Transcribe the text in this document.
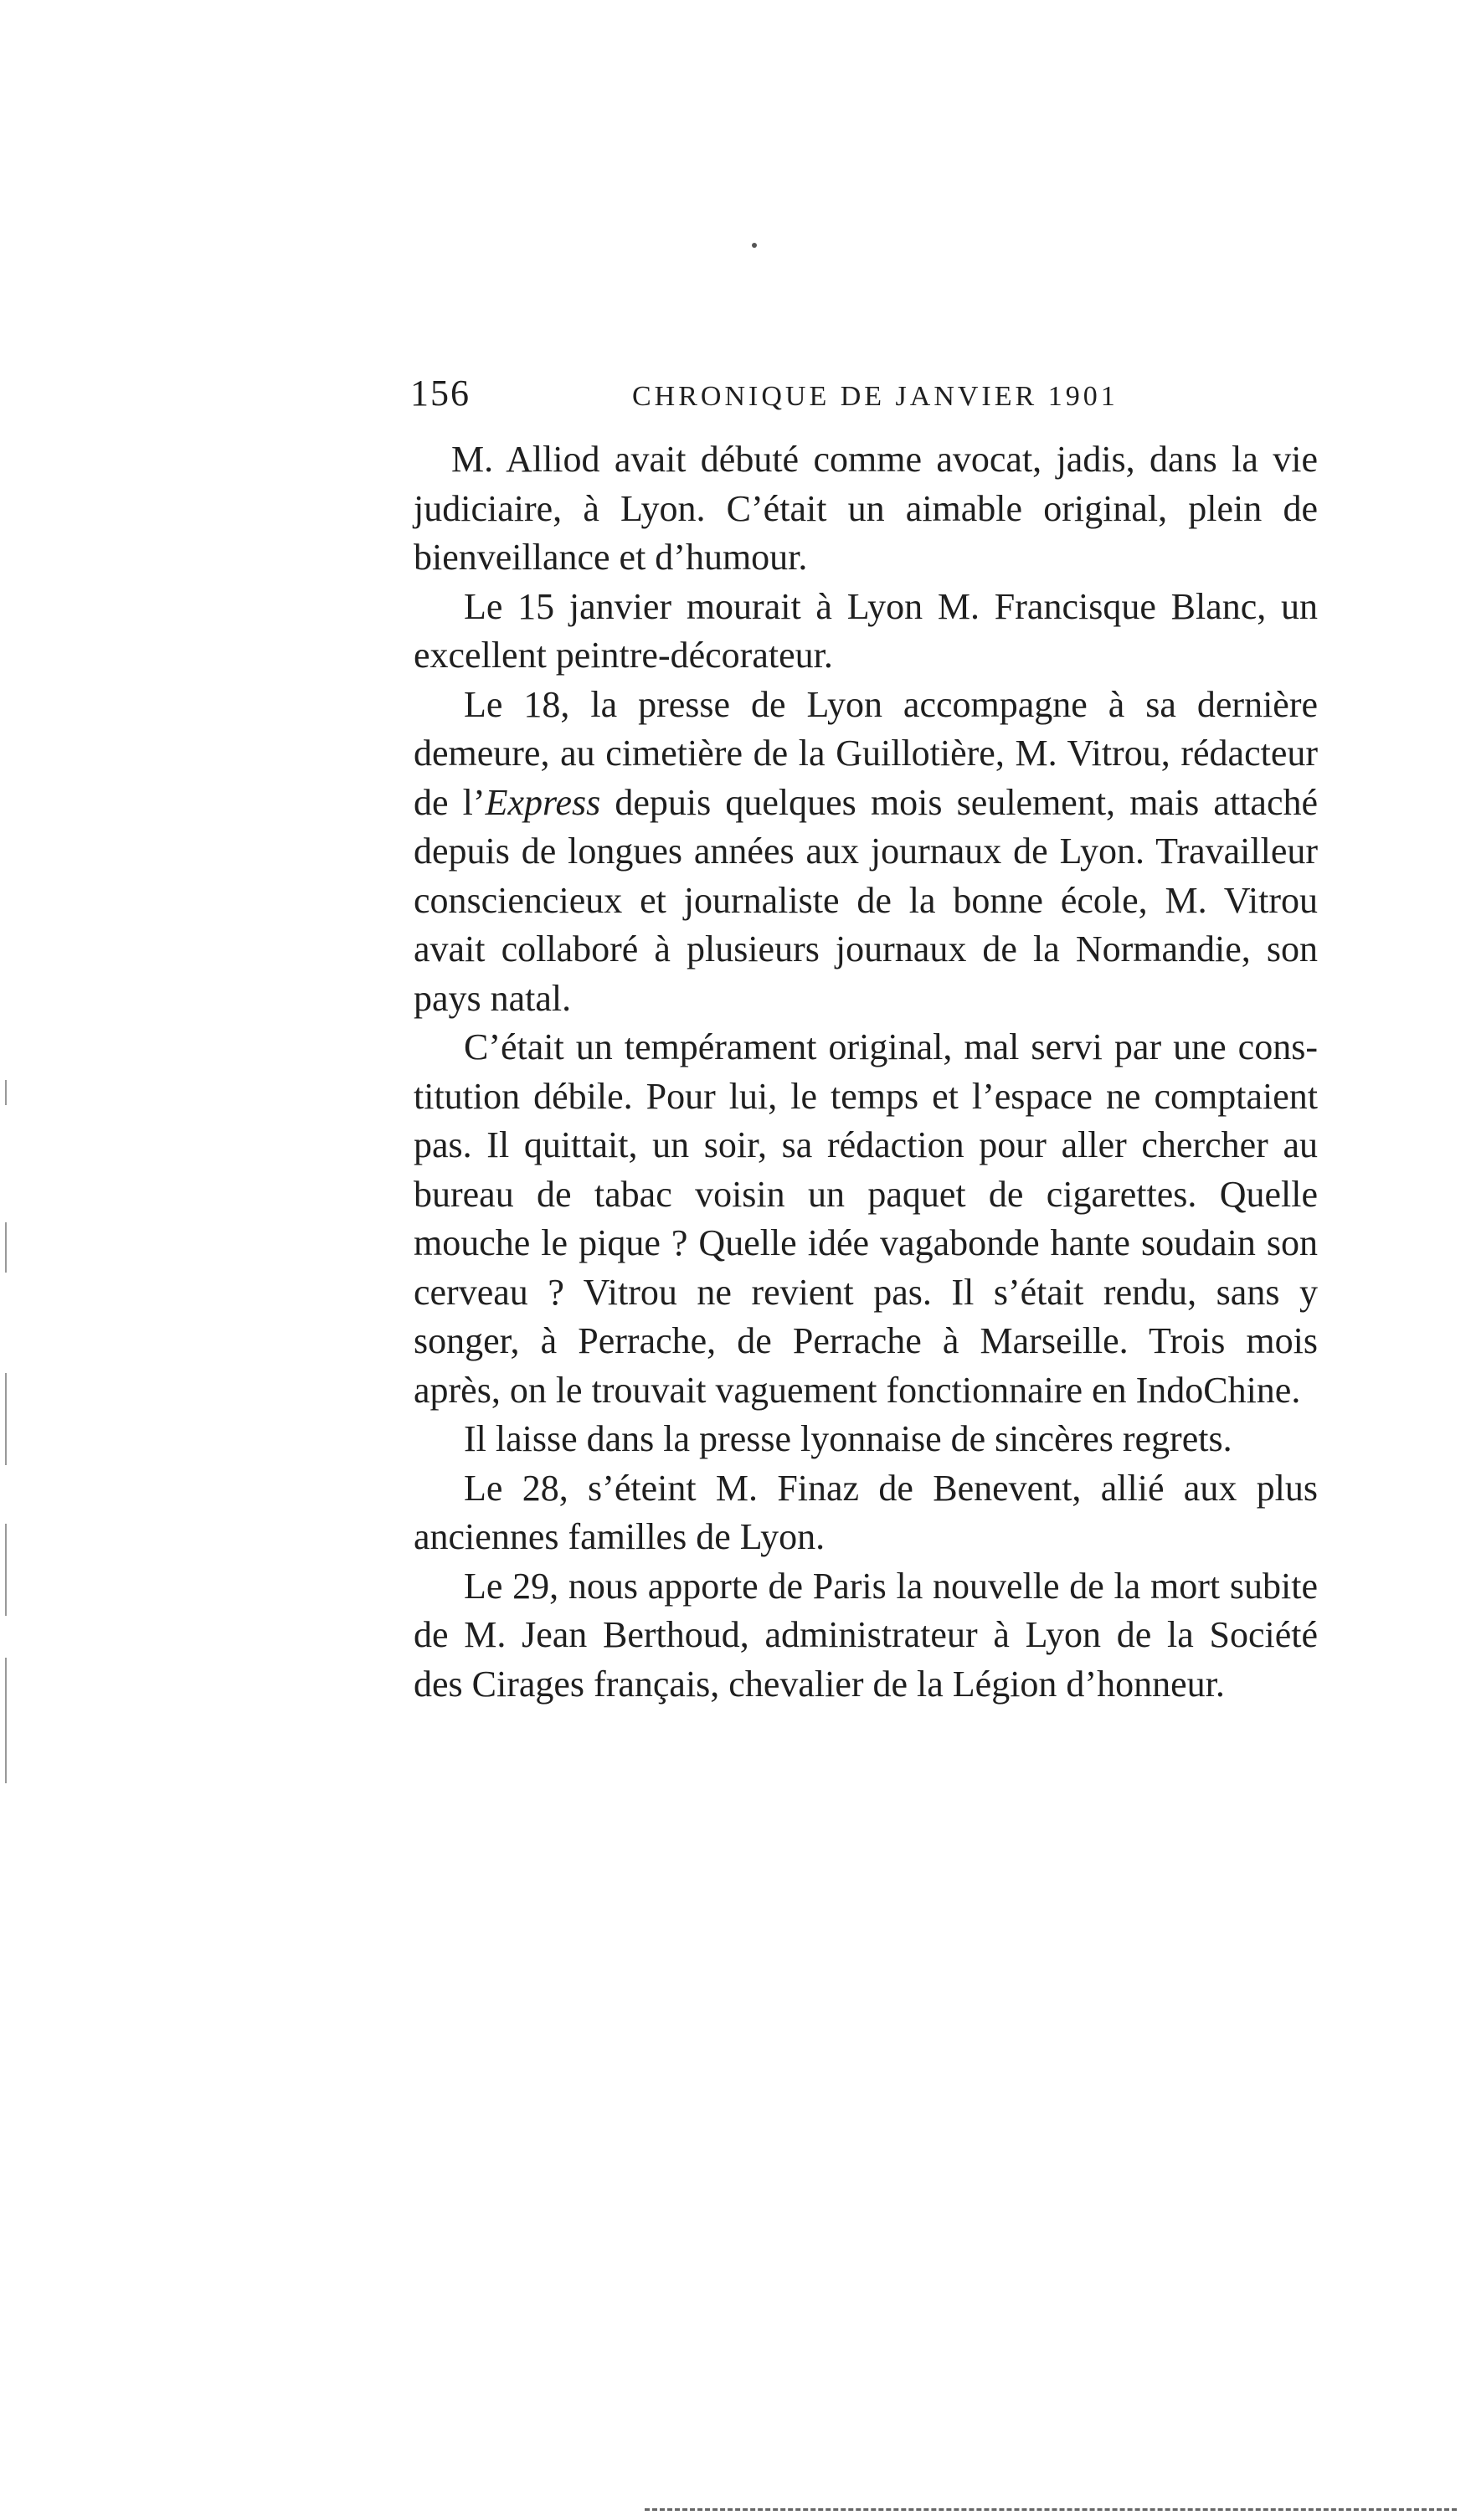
156	CHRONIQUE DE JANVIER 1901

M. Alliod avait débuté comme avocat, jadis, dans la vie judiciaire, à Lyon. C’était un aimable original, plein de bienveillance et d’humour.

Le 15 janvier mourait à Lyon M. Francisque Blanc, un excellent peintre-décorateur.

Le 18, la presse de Lyon accompagne à sa dernière demeure, au cimetière de la Guillotière, M. Vitrou, rédacteur de l’Express depuis quelques mois seulement, mais attaché depuis de longues années aux journaux de Lyon. Travailleur consciencieux et journaliste de la bonne école, M. Vitrou avait collaboré à plusieurs journaux de la Normandie, son pays natal.

C’était un tempérament original, mal servi par une constitution débile. Pour lui, le temps et l’espace ne comptaient pas. Il quittait, un soir, sa rédaction pour aller chercher au bureau de tabac voisin un paquet de cigarettes. Quelle mouche le pique ? Quelle idée vagabonde hante soudain son cerveau ? Vitrou ne revient pas. Il s’était rendu, sans y songer, à Perrache, de Perrache à Marseille. Trois mois après, on le trouvait vaguement fonctionnaire en IndoChine.

Il laisse dans la presse lyonnaise de sincères regrets.

Le 28, s’éteint M. Finaz de Benevent, allié aux plus anciennes familles de Lyon.

Le 29, nous apporte de Paris la nouvelle de la mort subite de M. Jean Berthoud, administrateur à Lyon de la Société des Cirages français, chevalier de la Légion d’honneur.
